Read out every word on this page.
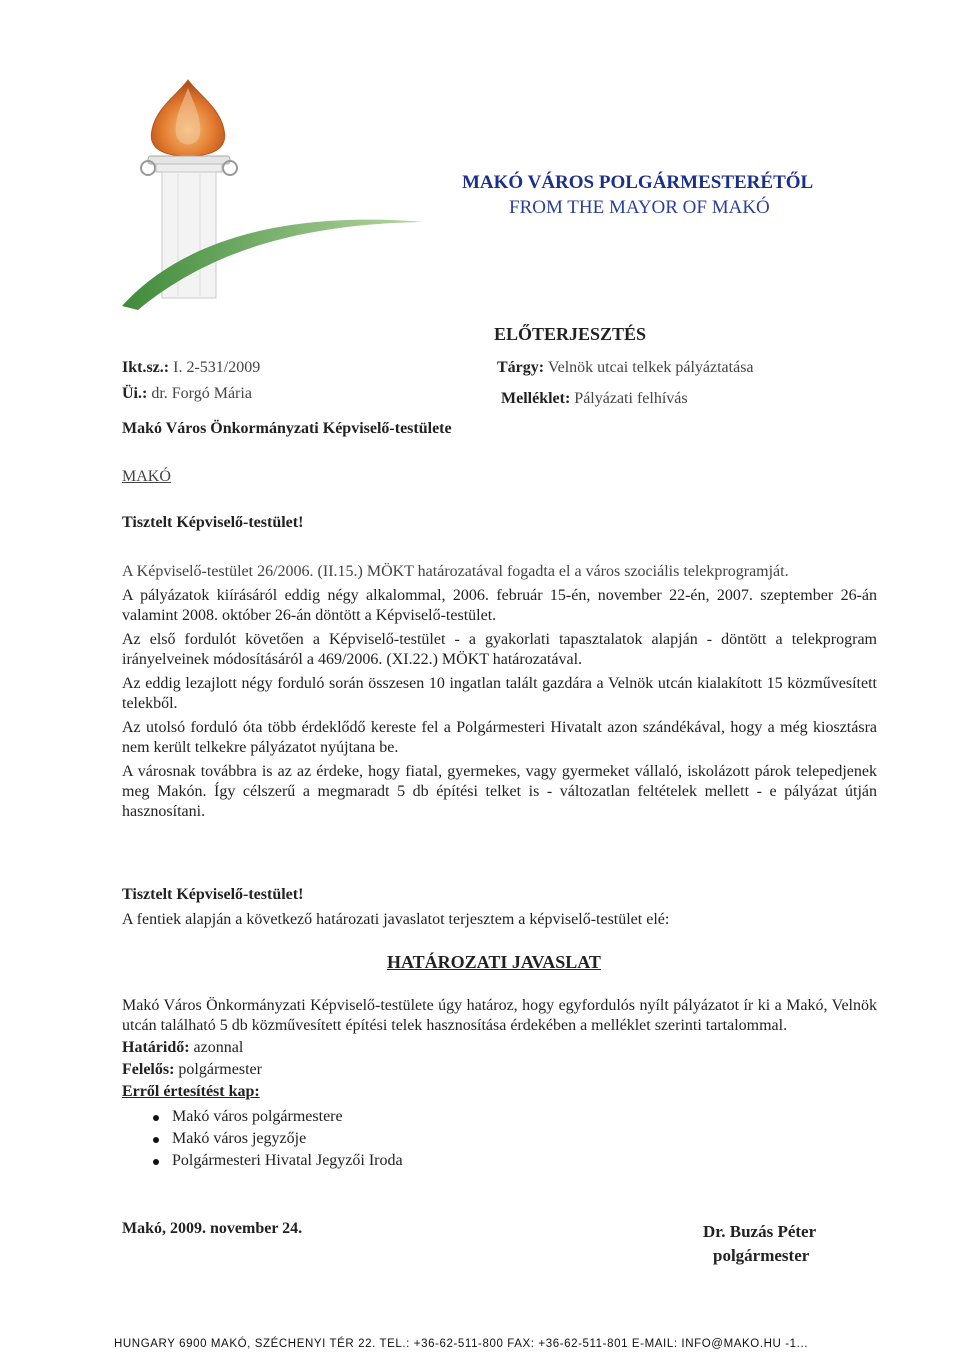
MAKÓ VÁROS POLGÁRMESTERÉTŐL
FROM THE MAYOR OF MAKÓ
ELŐTERJESZTÉS
Ikt.sz.: I. 2-531/2009
Üi.: dr. Forgó Mária
Tárgy: Velnök utcai telkek pályáztatása
Melléklet: Pályázati felhívás
Makó Város Önkormányzati Képviselő-testülete
MAKÓ
Tisztelt Képviselő-testület!

A Képviselő-testület 26/2006. (II.15.) MÖKT határozatával fogadta el a város szociális telekprogramját.

A pályázatok kiírásáról eddig négy alkalommal, 2006. február 15-én, november 22-én, 2007. szeptember 26-án valamint 2008. október 26-án döntött a Képviselő-testület.

Az első fordulót követően a Képviselő-testület - a gyakorlati tapasztalatok alapján - döntött a telekprogram irányelveinek módosításáról a 469/2006. (XI.22.) MÖKT határozatával.

Az eddig lezajlott négy forduló során összesen 10 ingatlan talált gazdára a Velnök utcán kialakított 15 közművesített telekből.

Az utolsó forduló óta több érdeklődő kereste fel a Polgármesteri Hivatalt azon szándékával, hogy a még kiosztásra nem került telkekre pályázatot nyújtana be.

A városnak továbbra is az az érdeke, hogy fiatal, gyermekes, vagy gyermeket vállaló, iskolázott párok telepedjenek meg Makón. Így célszerű a megmaradt 5 db építési telket is - változatlan feltételek mellett - e pályázat útján hasznosítani.

Tisztelt Képviselő-testület!
A fentiek alapján a következő határozati javaslatot terjesztem a képviselő-testület elé:
HATÁROZATI JAVASLAT

Makó Város Önkormányzati Képviselő-testülete úgy határoz, hogy egyfordulós nyílt pályázatot ír ki a Makó, Velnök utcán található 5 db közművesített építési telek hasznosítása érdekében a melléklet szerinti tartalommal.

Határidő: azonnal
Felelős: polgármester
Erről értesítést kap:
Makó város polgármestere
Makó város jegyzője
Polgármesteri Hivatal Jegyzői Iroda
Makó, 2009. november 24.	Dr. Buzás Péter
polgármester
HUNGARY 6900 MAKÓ, SZÉCHENYI TÉR 22. TEL.: +36-62-511-800 FAX: +36-62-511-801 E-MAIL: INFO@MAKO.HU -1...
